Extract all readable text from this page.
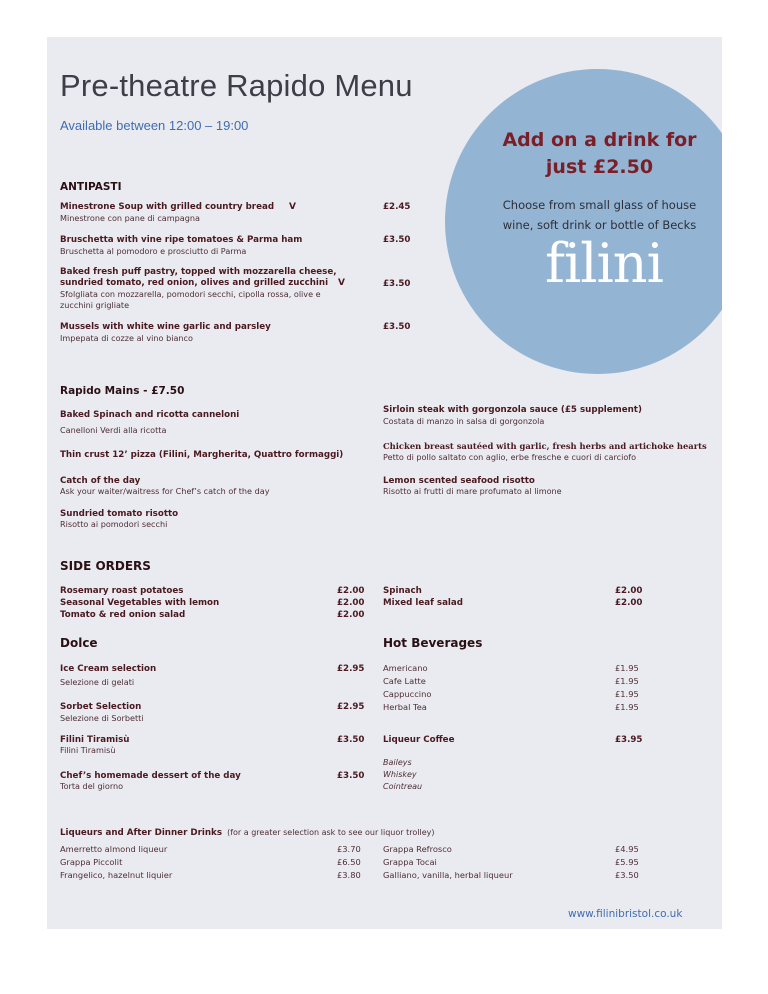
Add on a drink for
just £2.50
Choose from small glass of house
wine, soft drink or bottle of Becks
filini
Pre-theatre Rapido Menu
Available between 12:00 – 19:00
ANTIPASTI
Minestrone Soup with grilled country bread V
Minestrone con pane di campagna
£2.45
Bruschetta with vine ripe tomatoes & Parma ham
Bruschetta al pomodoro e prosciutto di Parma
£3.50
Baked fresh puff pastry, topped with mozzarella cheese,
sundried tomato, red onion, olives and grilled zucchini V
Sfolgliata con mozzarella, pomodori secchi, cipolla rossa, olive e
zucchini grigliate
£3.50
Mussels with white wine garlic and parsley
Impepata di cozze al vino bianco
£3.50
Rapido Mains - £7.50
Baked Spinach and ricotta canneloni
Canelloni Verdi alla ricotta
Thin crust 12’ pizza (Filini, Margherita, Quattro formaggi)
Catch of the day
Ask your waiter/waitress for Chef’s catch of the day
Sundried tomato risotto
Risotto ai pomodori secchi
Sirloin steak with gorgonzola sauce (£5 supplement)
Costata di manzo in salsa di gorgonzola
Chicken breast sautéed with garlic, fresh herbs and artichoke hearts
Petto di pollo saltato con aglio, erbe fresche e cuori di carciofo
Lemon scented seafood risotto
Risotto ai frutti di mare profumato al limone
SIDE ORDERS
Rosemary roast potatoes
Seasonal Vegetables with lemon
Tomato & red onion salad
£2.00
£2.00
£2.00
Spinach
Mixed leaf salad
£2.00
£2.00
Dolce
Ice Cream selection
Selezione di gelati
£2.95
Sorbet Selection
Selezione di Sorbetti
£2.95
Filini Tiramisù
Filini Tiramisù
£3.50
Chef’s homemade dessert of the day
Torta del giorno
£3.50
Hot Beverages
Americano
Cafe Latte
Cappuccino
Herbal Tea
£1.95
£1.95
£1.95
£1.95
Liqueur Coffee	£3.95
Baileys
Whiskey
Cointreau
Liqueurs and After Dinner Drinks (for a greater selection ask to see our liquor trolley)
Amerretto almond liqueur
Grappa Piccolit
Frangelico, hazelnut liquier
£3.70
£6.50
£3.80
Grappa Refrosco
Grappa Tocai
Galliano, vanilla, herbal liqueur
£4.95
£5.95
£3.50
www.filinibristol.co.uk
